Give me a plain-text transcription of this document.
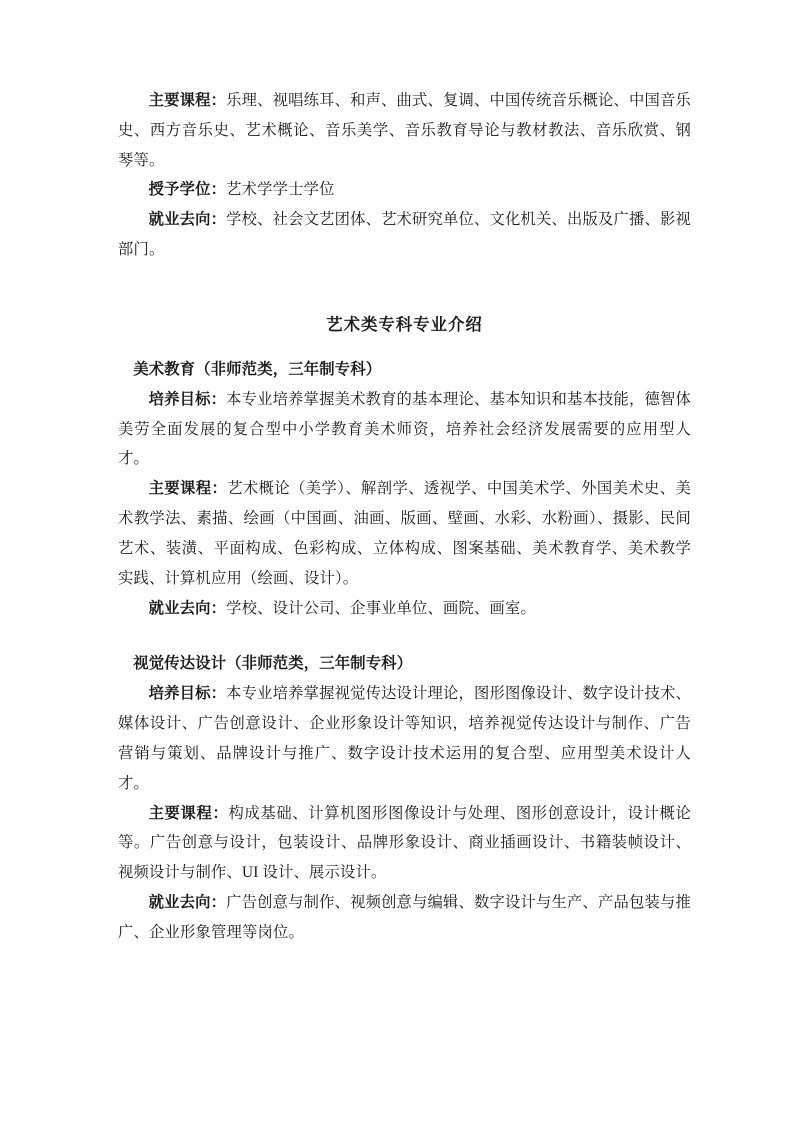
主要课程：乐理、视唱练耳、和声、曲式、复调、中国传统音乐概论、中国音乐史、西方音乐史、艺术概论、音乐美学、音乐教育导论与教材教法、音乐欣赏、钢琴等。

授予学位：艺术学学士学位

就业去向：学校、社会文艺团体、艺术研究单位、文化机关、出版及广播、影视部门。

艺术类专科专业介绍

美术教育（非师范类，三年制专科）

培养目标：本专业培养掌握美术教育的基本理论、基本知识和基本技能，德智体美劳全面发展的复合型中小学教育美术师资，培养社会经济发展需要的应用型人才。

主要课程：艺术概论（美学）、解剖学、透视学、中国美术学、外国美术史、美术教学法、素描、绘画（中国画、油画、版画、壁画、水彩、水粉画）、摄影、民间艺术、装潢、平面构成、色彩构成、立体构成、图案基础、美术教育学、美术教学实践、计算机应用（绘画、设计）。

就业去向：学校、设计公司、企事业单位、画院、画室。

视觉传达设计（非师范类，三年制专科）

培养目标：本专业培养掌握视觉传达设计理论，图形图像设计、数字设计技术、媒体设计、广告创意设计、企业形象设计等知识，培养视觉传达设计与制作、广告营销与策划、品牌设计与推广、数字设计技术运用的复合型、应用型美术设计人才。

主要课程：构成基础、计算机图形图像设计与处理、图形创意设计，设计概论等。广告创意与设计，包装设计、品牌形象设计、商业插画设计、书籍装帧设计、视频设计与制作、UI 设计、展示设计。

就业去向：广告创意与制作、视频创意与编辑、数字设计与生产、产品包装与推广、企业形象管理等岗位。
